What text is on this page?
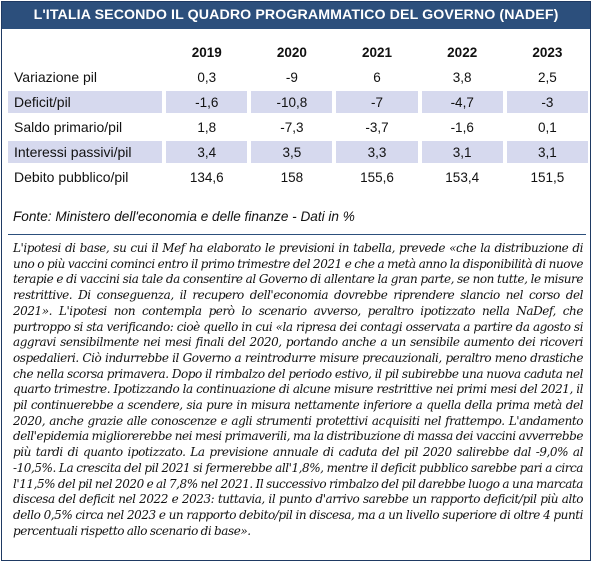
L'ITALIA SECONDO IL QUADRO PROGRAMMATICO DEL GOVERNO (NADEF)
		2019		2020		2021		2022		2023
Variazione pil		0,3		-9		6		3,8		2,5
Deficit/pil		-1,6		-10,8		-7		-4,7		-3
Saldo primario/pil		1,8		-7,3		-3,7		-1,6		0,1
Interessi passivi/pil		3,4		3,5		3,3		3,1		3,1
Debito pubblico/pil		134,6		158		155,6		153,4		151,5
Fonte: Ministero dell'economia e delle finanze - Dati in %
L'ipotesi di base, su cui il Mef ha elaborato le previsioni in tabella, prevede «che la distribuzione di uno o più vaccini cominci entro il primo trimestre del 2021 e che a metà anno la disponibilità di nuove terapie e di vaccini sia tale da consentire al Governo di allentare la gran parte, se non tutte, le misure restrittive. Di conseguenza, il recupero dell'economia dovrebbe riprendere slancio nel corso del 2021». L'ipotesi non contempla però lo scenario avverso, peraltro ipotizzato nella NaDef, che purtroppo si sta verificando: cioè quello in cui «la ripresa dei contagi osservata a partire da agosto si aggravi sensibilmente nei mesi finali del 2020, portando anche a un sensibile aumento dei ricoveri ospedalieri. Ciò indurrebbe il Governo a reintrodurre misure precauzionali, peraltro meno drastiche che nella scorsa primavera. Dopo il rimbalzo del periodo estivo, il pil subirebbe una nuova caduta nel quarto trimestre. Ipotizzando la continuazione di alcune misure restrittive nei primi mesi del 2021, il pil continuerebbe a scendere, sia pure in misura nettamente inferiore a quella della prima metà del 2020, anche grazie alle conoscenze e agli strumenti protettivi acquisiti nel frattempo. L'andamento dell'epidemia migliorerebbe nei mesi primaverili, ma la distribuzione di massa dei vaccini avverrebbe più tardi di quanto ipotizzato. La previsione annuale di caduta del pil 2020 salirebbe dal -9,0% al -10,5%. La crescita del pil 2021 si fermerebbe all'1,8%, mentre il deficit pubblico sarebbe pari a circa l'11,5% del pil nel 2020 e al 7,8% nel 2021. Il successivo rimbalzo del pil darebbe luogo a una marcata discesa del deficit nel 2022 e 2023: tuttavia, il punto d'arrivo sarebbe un rapporto deficit/pil più alto dello 0,5% circa nel 2023 e un rapporto debito/pil in discesa, ma a un livello superiore di oltre 4 punti percentuali rispetto allo scenario di base».
